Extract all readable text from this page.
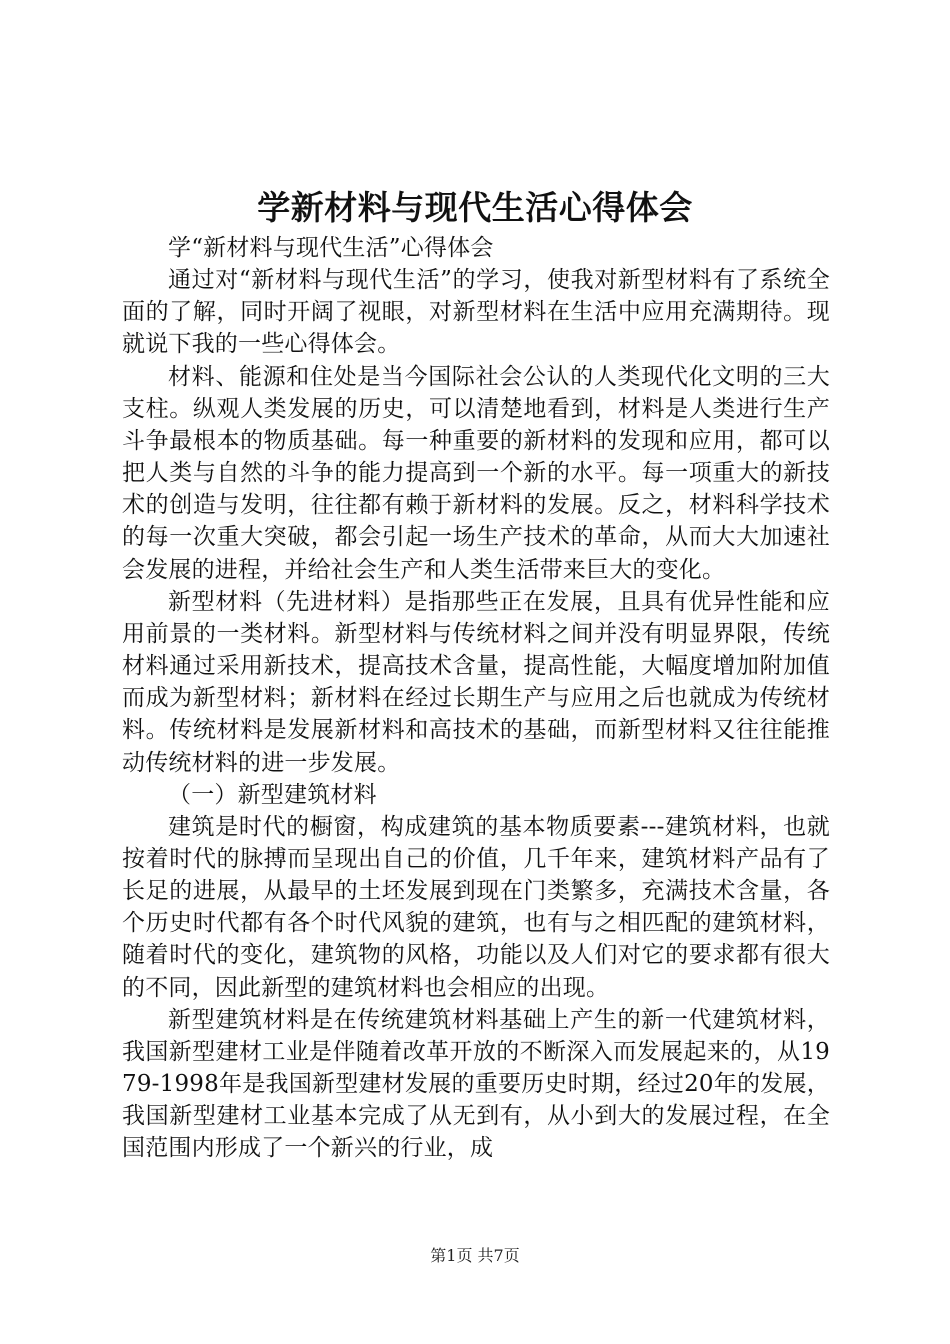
学新材料与现代生活心得体会

学“新材料与现代生活”心得体会

通过对“新材料与现代生活”的学习，使我对新型材料有了系统全面的了解，同时开阔了视眼，对新型材料在生活中应用充满期待。现就说下我的一些心得体会。

材料、能源和住处是当今国际社会公认的人类现代化文明的三大支柱。纵观人类发展的历史，可以清楚地看到，材料是人类进行生产斗争最根本的物质基础。每一种重要的新材料的发现和应用，都可以把人类与自然的斗争的能力提高到一个新的水平。每一项重大的新技术的创造与发明，往往都有赖于新材料的发展。反之，材料科学技术的每一次重大突破，都会引起一场生产技术的革命，从而大大加速社会发展的进程，并给社会生产和人类生活带来巨大的变化。

新型材料（先进材料）是指那些正在发展，且具有优异性能和应用前景的一类材料。新型材料与传统材料之间并没有明显界限，传统材料通过采用新技术，提高技术含量，提高性能，大幅度增加附加值而成为新型材料；新材料在经过长期生产与应用之后也就成为传统材料。传统材料是发展新材料和高技术的基础，而新型材料又往往能推动传统材料的进一步发展。

（一）新型建筑材料

建筑是时代的橱窗，构成建筑的基本物质要素---建筑材料，也就按着时代的脉搏而呈现出自己的价值，几千年来，建筑材料产品有了长足的进展，从最早的土坯发展到现在门类繁多，充满技术含量，各个历史时代都有各个时代风貌的建筑，也有与之相匹配的建筑材料，随着时代的变化，建筑物的风格，功能以及人们对它的要求都有很大的不同，因此新型的建筑材料也会相应的出现。

新型建筑材料是在传统建筑材料基础上产生的新一代建筑材料，我国新型建材工业是伴随着改革开放的不断深入而发展起来的，从1979-1998年是我国新型建材发展的重要历史时期，经过20年的发展，我国新型建材工业基本完成了从无到有，从小到大的发展过程，在全国范围内形成了一个新兴的行业，成

第1页 共7页
